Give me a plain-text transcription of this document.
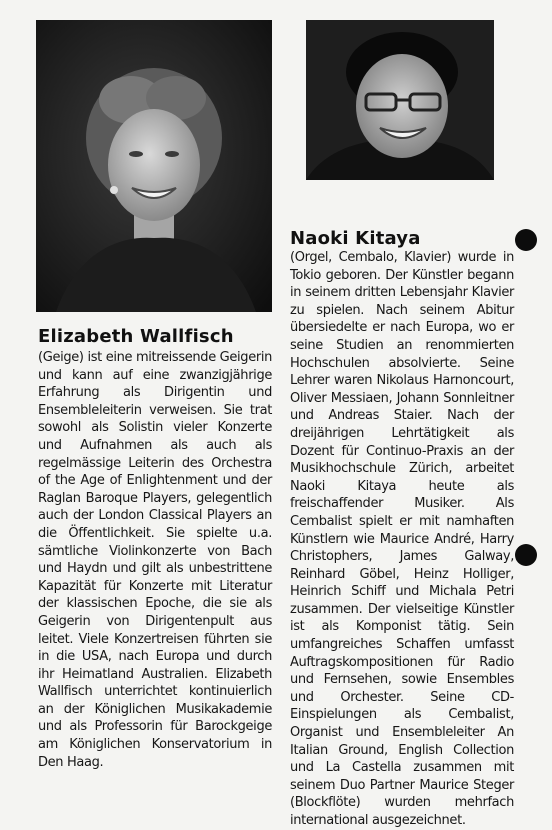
Elizabeth Wallfisch

(Geige) ist eine mitreissende Geigerin und kann auf eine zwanzigjährige Erfahrung als Dirigentin und Ensembleleiterin verweisen. Sie trat sowohl als Solistin vieler Konzerte und Aufnahmen als auch als regelmässige Leiterin des Orchestra of the Age of Enlightenment und der Raglan Baroque Players, gelegentlich auch der London Classical Players an die Öffentlichkeit. Sie spielte u.a. sämtliche Violinkonzerte von Bach und Haydn und gilt als unbestrittene Kapazität für Konzerte mit Literatur der klassischen Epoche, die sie als Geigerin von Dirigentenpult aus leitet. Viele Konzertreisen führten sie in die USA, nach Europa und durch ihr Heimatland Australien. Elizabeth Wallfisch unterrichtet kontinuierlich an der Königlichen Musikakademie und als Professorin für Barockgeige am Königlichen Konservatorium in Den Haag.

Naoki Kitaya

(Orgel, Cembalo, Klavier) wurde in Tokio geboren. Der Künstler begann in seinem dritten Lebensjahr Klavier zu spielen. Nach seinem Abitur übersiedelte er nach Europa, wo er seine Studien an renommierten Hochschulen absolvierte. Seine Lehrer waren Nikolaus Harnoncourt, Oliver Messiaen, Johann Sonnleitner und Andreas Staier. Nach der dreijährigen Lehrtätigkeit als Dozent für Continuo-Praxis an der Musikhochschule Zürich, arbeitet Naoki Kitaya heute als freischaffender Musiker. Als Cembalist spielt er mit namhaften Künstlern wie Maurice André, Harry Christophers, James Galway, Reinhard Göbel, Heinz Holliger, Heinrich Schiff und Michala Petri zusammen. Der vielseitige Künstler ist als Komponist tätig. Sein umfangreiches Schaffen umfasst Auftragskompositionen für Radio und Fernsehen, sowie Ensembles und Orchester. Seine CD-Einspielungen als Cembalist, Organist und Ensembleleiter An Italian Ground, English Collection und La Castella zusammen mit seinem Duo Partner Maurice Steger (Blockflöte) wurden mehrfach international ausgezeichnet.
